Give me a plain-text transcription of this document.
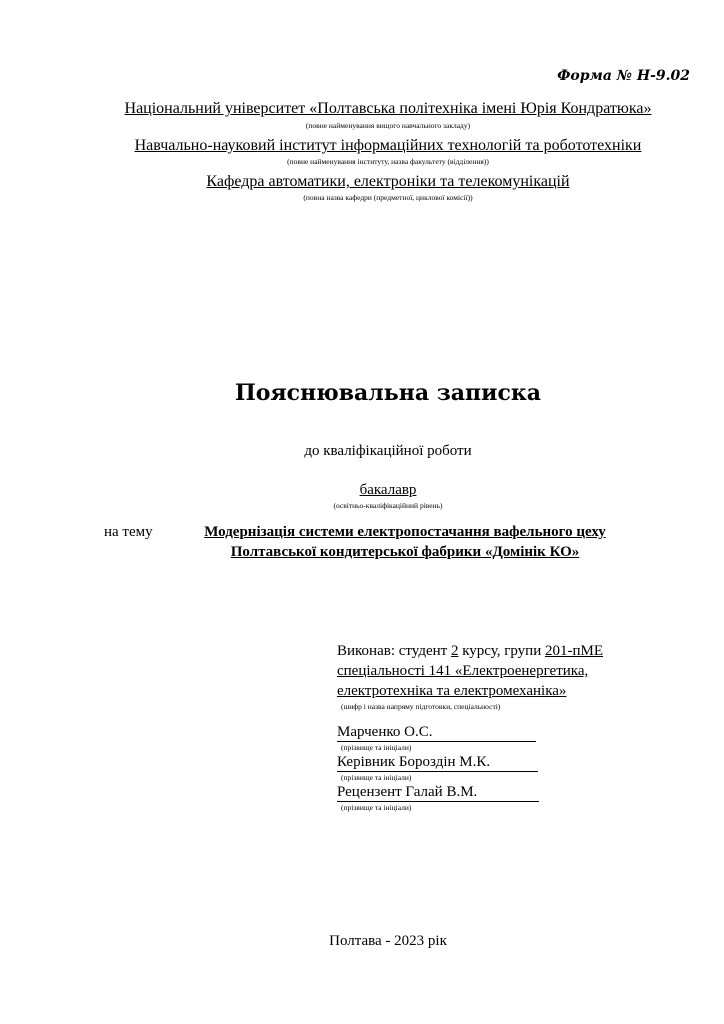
Форма № Н-9.02
Національний університет «Полтавська політехніка імені Юрія Кондратюка»
(повне найменування вищого навчального закладу)
Навчально-науковий інститут інформаційних технологій та робототехніки
(повне найменування інституту, назва факультету (відділення))
Кафедра автоматики, електроніки та телекомунікацій
(повна назва кафедри (предметної, циклової комісії))
Пояснювальна записка
до кваліфікаційної роботи
бакалавр
(освітньо-кваліфікаційний рівень)
на тему	Модернізація системи електропостачання вафельного цеху
Полтавської кондитерської фабрики «Домінік КО»
Виконав: студент 2 курсу, групи 201-пМЕ
спеціальності 141 «Електроенергетика,
електротехніка та електромеханіка»
(шифр і назва напряму підготовки, спеціальності)
Марченко О.С.
(прізвище та ініціали)
Керівник Бороздін М.К.
(прізвище та ініціали)
Рецензент Галай В.М.
(прізвище та ініціали)
Полтава - 2023 рік
